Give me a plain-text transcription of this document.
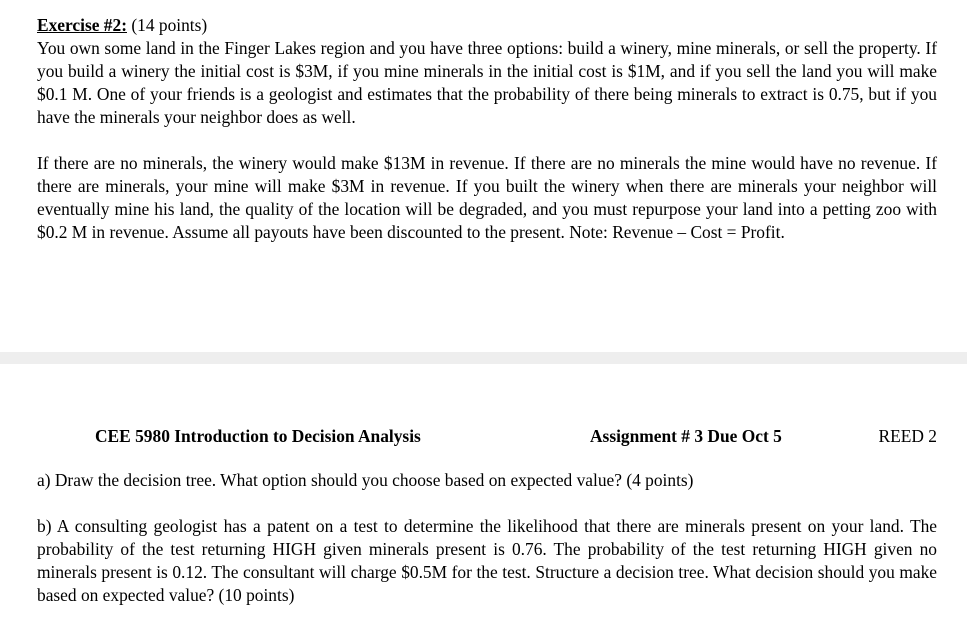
Exercise #2: (14 points)

You own some land in the Finger Lakes region and you have three options: build a winery, mine minerals, or sell the property. If you build a winery the initial cost is $3M, if you mine minerals in the initial cost is $1M, and if you sell the land you will make $0.1 M. One of your friends is a geologist and estimates that the probability of there being minerals to extract is 0.75, but if you have the minerals your neighbor does as well.

If there are no minerals, the winery would make $13M in revenue. If there are no minerals the mine would have no revenue. If there are minerals, your mine will make $3M in revenue. If you built the winery when there are minerals your neighbor will eventually mine his land, the quality of the location will be degraded, and you must repurpose your land into a petting zoo with $0.2 M in revenue. Assume all payouts have been discounted to the present. Note: Revenue – Cost = Profit.

CEE 5980 Introduction to Decision Analysis	Assignment # 3 Due Oct 5	REED 2

a) Draw the decision tree. What option should you choose based on expected value? (4 points)

b) A consulting geologist has a patent on a test to determine the likelihood that there are minerals present on your land. The probability of the test returning HIGH given minerals present is 0.76. The probability of the test returning HIGH given no minerals present is 0.12. The consultant will charge $0.5M for the test. Structure a decision tree. What decision should you make based on expected value? (10 points)
